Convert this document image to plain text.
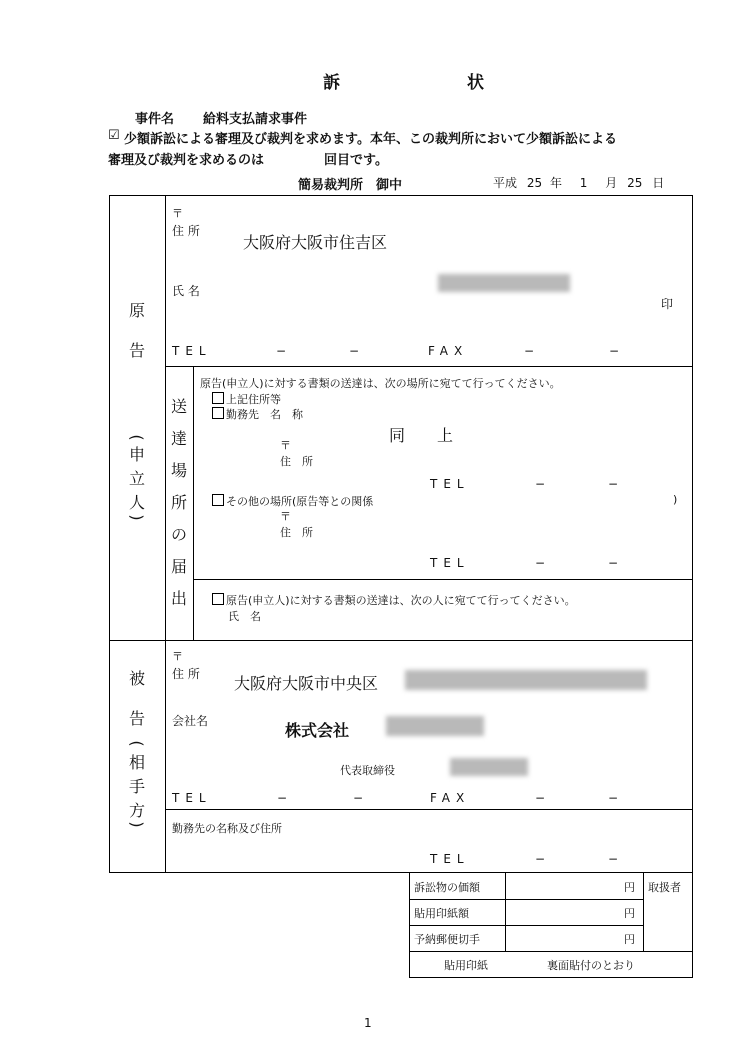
訴	状
事件名 給料支払請求事件
☑ 少額訴訟による審理及び裁判を求めます。本年、この裁判所において少額訴訟による
審理及び裁判を求めるのは	回目です。
簡易裁判所　御中	平成 25 年 1 月 25 日
原
告
(
申
立
人
)
〒
住 所
大阪府大阪市住吉区
氏 名
印
TEL	−	−	FAX	−	−
送
達
場
所
の
届
出
原告(申立人)に対する書類の送達は、次の場所に宛てて行ってください。
上記住所等
勤務先　名　称
同　　上
〒
住　所
TEL	−	−
その他の場所(原告等との関係	)
〒
住　所
TEL	−	−
原告(申立人)に対する書類の送達は、次の人に宛てて行ってください。
氏　名
被
告
(
相
手
方
)
〒
住 所 大阪府大阪市中央区
会社名	株式会社
代表取締役
TEL	−	−	FAX	−	−
勤務先の名称及び住所
TEL	−	−
訴訟物の価額	円 取扱者
貼用印紙額	円
予納郵便切手	円
貼用印紙	裏面貼付のとおり
1
